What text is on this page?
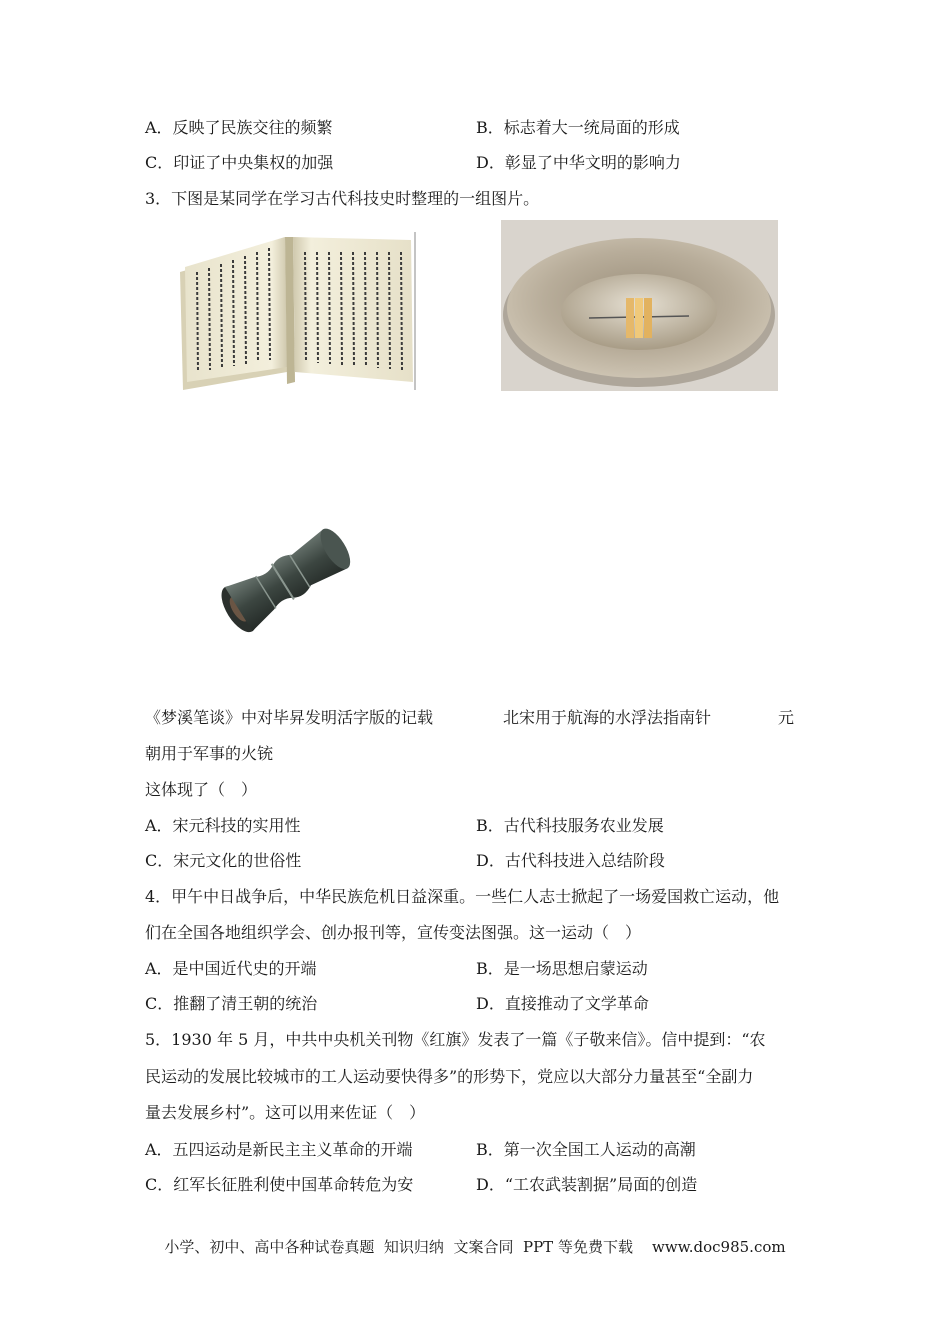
A．反映了民族交往的频繁	B．标志着大一统局面的形成
C．印证了中央集权的加强	D．彰显了中华文明的影响力
3．下图是某同学在学习古代科技史时整理的一组图片。
《梦溪笔谈》中对毕昇发明活字版的记载	北宋用于航海的水浮法指南针	元
朝用于军事的火铳
这体现了（　）
A．宋元科技的实用性	B．古代科技服务农业发展
C．宋元文化的世俗性	D．古代科技进入总结阶段
4．甲午中日战争后，中华民族危机日益深重。一些仁人志士掀起了一场爱国救亡运动，他
们在全国各地组织学会、创办报刊等，宣传变法图强。这一运动（　）
A．是中国近代史的开端	B．是一场思想启蒙运动
C．推翻了清王朝的统治	D．直接推动了文学革命
5．1930 年 5 月，中共中央机关刊物《红旗》发表了一篇《子敬来信》。信中提到：“农
民运动的发展比较城市的工人运动要快得多”的形势下，党应以大部分力量甚至“全副力
量去发展乡村”。这可以用来佐证（　）
A．五四运动是新民主主义革命的开端	B．第一次全国工人运动的高潮
C．红军长征胜利使中国革命转危为安	D．“工农武装割据”局面的创造
小学、初中、高中各种试卷真题  知识归纳  文案合同  PPT 等免费下载    www.doc985.com
